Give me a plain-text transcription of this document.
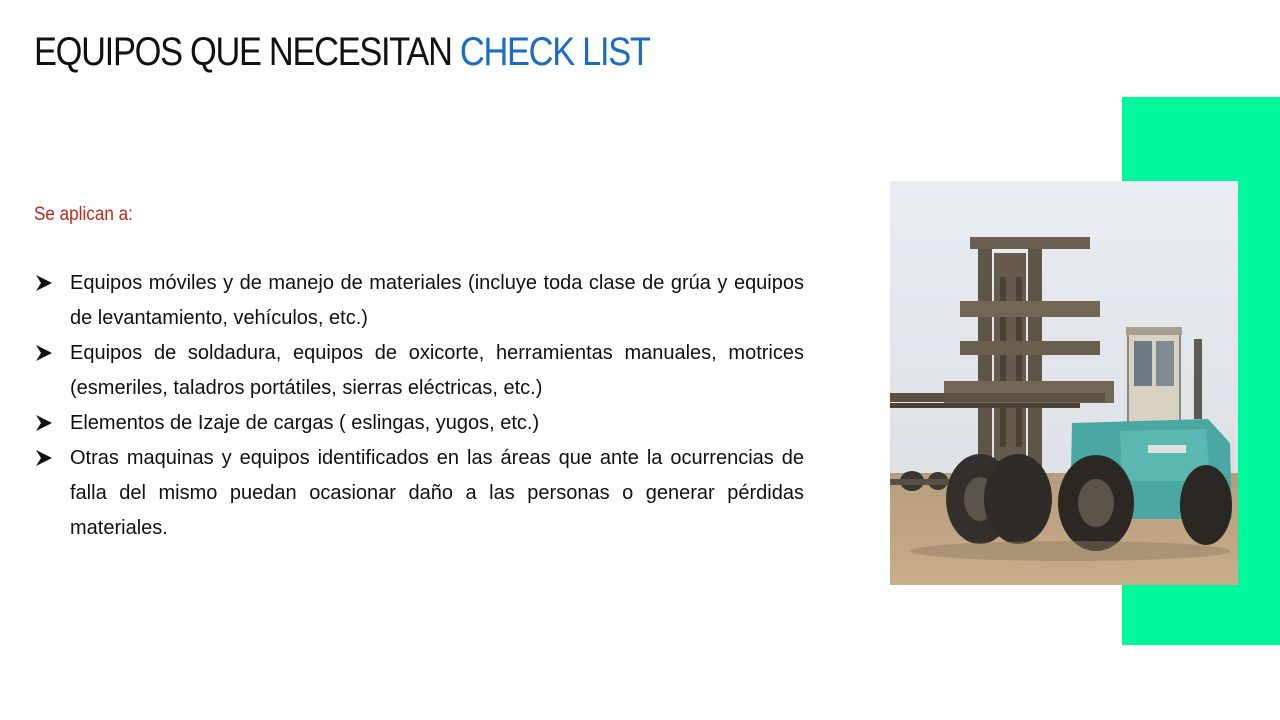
EQUIPOS QUE NECESITAN CHECK LIST

Se aplican a:

Equipos móviles y de manejo de materiales (incluye toda clase de grúa y equipos de levantamiento, vehículos, etc.)
Equipos de soldadura, equipos de oxicorte, herramientas manuales, motrices (esmeriles, taladros portátiles, sierras eléctricas, etc.)
Elementos de Izaje de cargas ( eslingas, yugos, etc.)
Otras maquinas y equipos identificados en las áreas que ante la ocurrencias de falla del mismo puedan ocasionar daño a las personas o generar pérdidas materiales.
